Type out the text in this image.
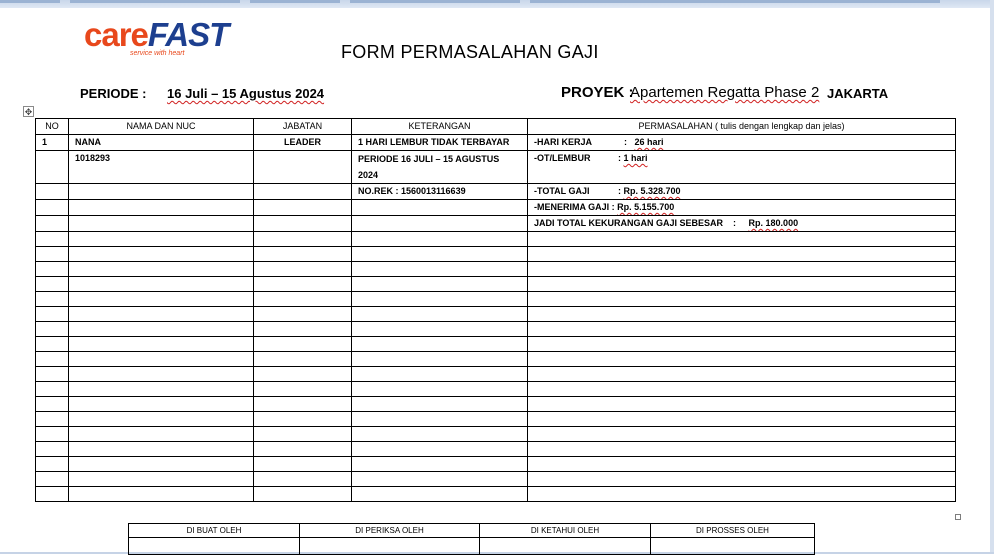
careFAST
service with heart	FORM PERMASALAHAN GAJI
PERIODE : 16 Juli – 15 Agustus 2024	PROYEK :
Apartemen Regatta Phase 2 JAKARTA
✥
NO	NAMA DAN NUC	JABATAN	KETERANGAN	PERMASALAHAN ( tulis dengan lengkap dan jelas)
1	NANA	LEADER	1 HARI LEMBUR TIDAK TERBAYAR	-HARI KERJA :   26 hari
	1018293		PERIODE 16 JULI – 15 AGUSTUS 2024	-OT/LEMBUR : 1 hari
			NO.REK : 1560013116639	-TOTAL GAJI : Rp. 5.328.700
				-MENERIMA GAJI : Rp. 5.155.700
				JADI TOTAL KEKURANGAN GAJI SEBESAR    :     Rp. 180.000

DI BUAT OLEH	DI PERIKSA OLEH	DI KETAHUI OLEH	DI PROSSES OLEH
